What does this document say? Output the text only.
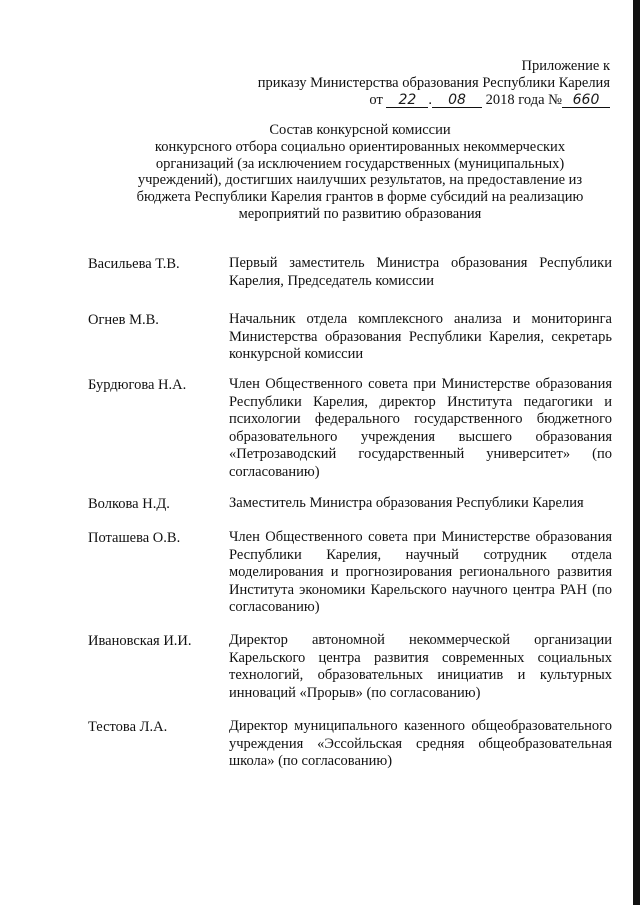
Приложение к
приказу Министерства образования Республики Карелия
от 22 . 08 2018 года № 660
Состав конкурсной комиссии
конкурсного отбора социально ориентированных некоммерческих
организаций (за исключением государственных (муниципальных)
учреждений), достигших наилучших результатов, на предоставление из
бюджета Республики Карелия грантов в форме субсидий на реализацию
мероприятий по развитию образования
Васильева Т.В.	Первый заместитель Министра образования Республики Карелия, Председатель комиссии
Огнев М.В.	Начальник отдела комплексного анализа и мониторинга Министерства образования Республики Карелия, секретарь конкурсной комиссии
Бурдюгова Н.А.	Член Общественного совета при Министерстве образования Республики Карелия, директор Института педагогики и психологии федерального государственного бюджетного образовательного учреждения высшего образования «Петрозаводский государственный университет» (по согласованию)
Волкова Н.Д.	Заместитель Министра образования Республики Карелия
Поташева О.В.	Член Общественного совета при Министерстве образования Республики Карелия, научный сотрудник отдела моделирования и прогнозирования регионального развития Института экономики Карельского научного центра РАН (по согласованию)
Ивановская И.И.	Директор автономной некоммерческой организации Карельского центра развития современных социальных технологий, образовательных инициатив и культурных инноваций «Прорыв» (по согласованию)
Тестова Л.А.	Директор муниципального казенного общеобразовательного учреждения «Эссойльская средняя общеобразовательная школа» (по согласованию)
